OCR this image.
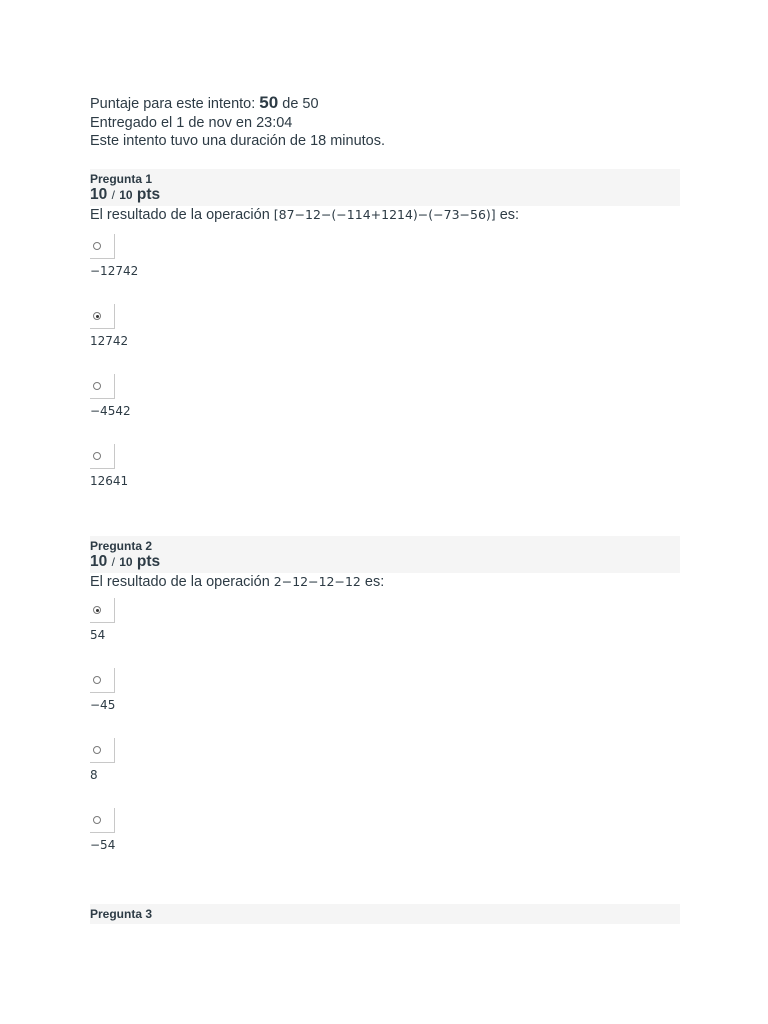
Puntaje para este intento: 50 de 50
Entregado el 1 de nov en 23:04
Este intento tuvo una duración de 18 minutos.
Pregunta 1
10 / 10 pts
El resultado de la operación [87−12−(−114+1214)−(−73−56)] es:
−12742
12742
−4542
12641
Pregunta 2
10 / 10 pts
El resultado de la operación 2−12−12−12 es:
54
−45
8
−54
Pregunta 3
